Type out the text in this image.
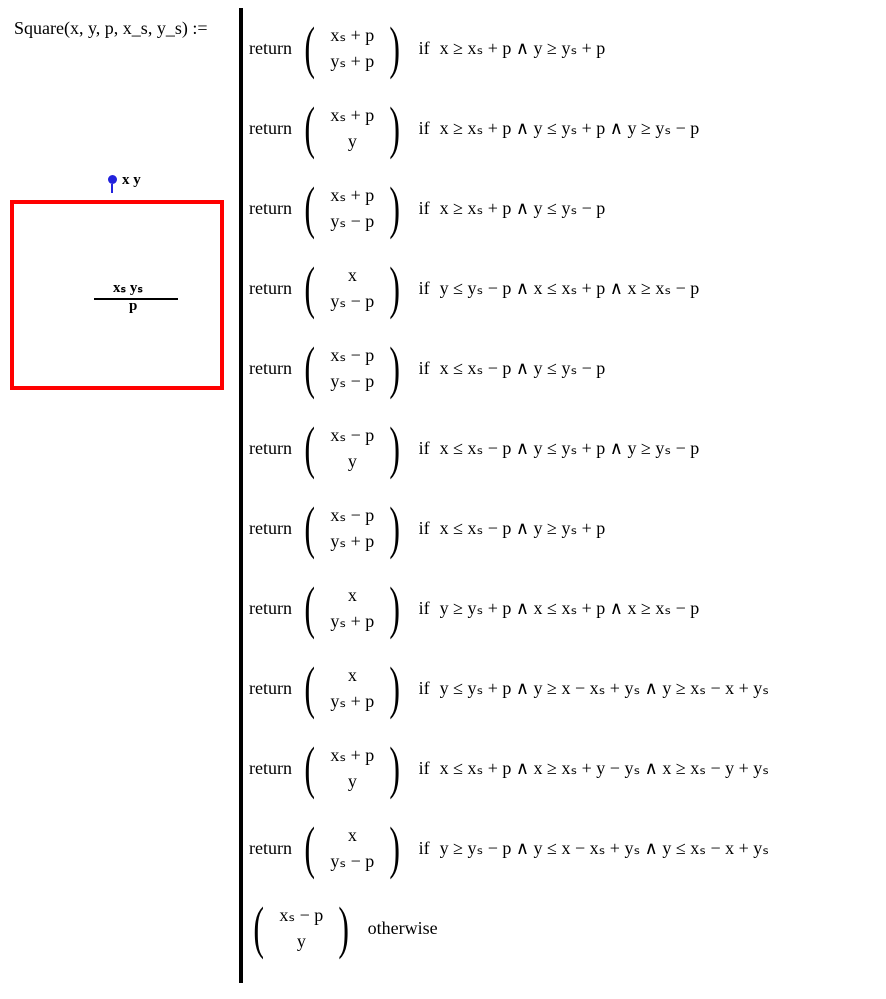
Square(x, y, p, x_s, y_s) :=
x y
xₛ yₛ
p
return ( xₛ + p
yₛ + p ) if x ≥ xₛ + p ∧ y ≥ yₛ + p
return ( xₛ + p
y ) if x ≥ xₛ + p ∧ y ≤ yₛ + p ∧ y ≥ yₛ − p
return ( xₛ + p
yₛ − p ) if x ≥ xₛ + p ∧ y ≤ yₛ − p
return ( x
yₛ − p ) if y ≤ yₛ − p ∧ x ≤ xₛ + p ∧ x ≥ xₛ − p
return ( xₛ − p
yₛ − p ) if x ≤ xₛ − p ∧ y ≤ yₛ − p
return ( xₛ − p
y ) if x ≤ xₛ − p ∧ y ≤ yₛ + p ∧ y ≥ yₛ − p
return ( xₛ − p
yₛ + p ) if x ≤ xₛ − p ∧ y ≥ yₛ + p
return ( x
yₛ + p ) if y ≥ yₛ + p ∧ x ≤ xₛ + p ∧ x ≥ xₛ − p
return ( x
yₛ + p ) if y ≤ yₛ + p ∧ y ≥ x − xₛ + yₛ ∧ y ≥ xₛ − x + yₛ
return ( xₛ + p
y ) if x ≤ xₛ + p ∧ x ≥ xₛ + y − yₛ ∧ x ≥ xₛ − y + yₛ
return ( x
yₛ − p ) if y ≥ yₛ − p ∧ y ≤ x − xₛ + yₛ ∧ y ≤ xₛ − x + yₛ
( xₛ − p
y ) otherwise
